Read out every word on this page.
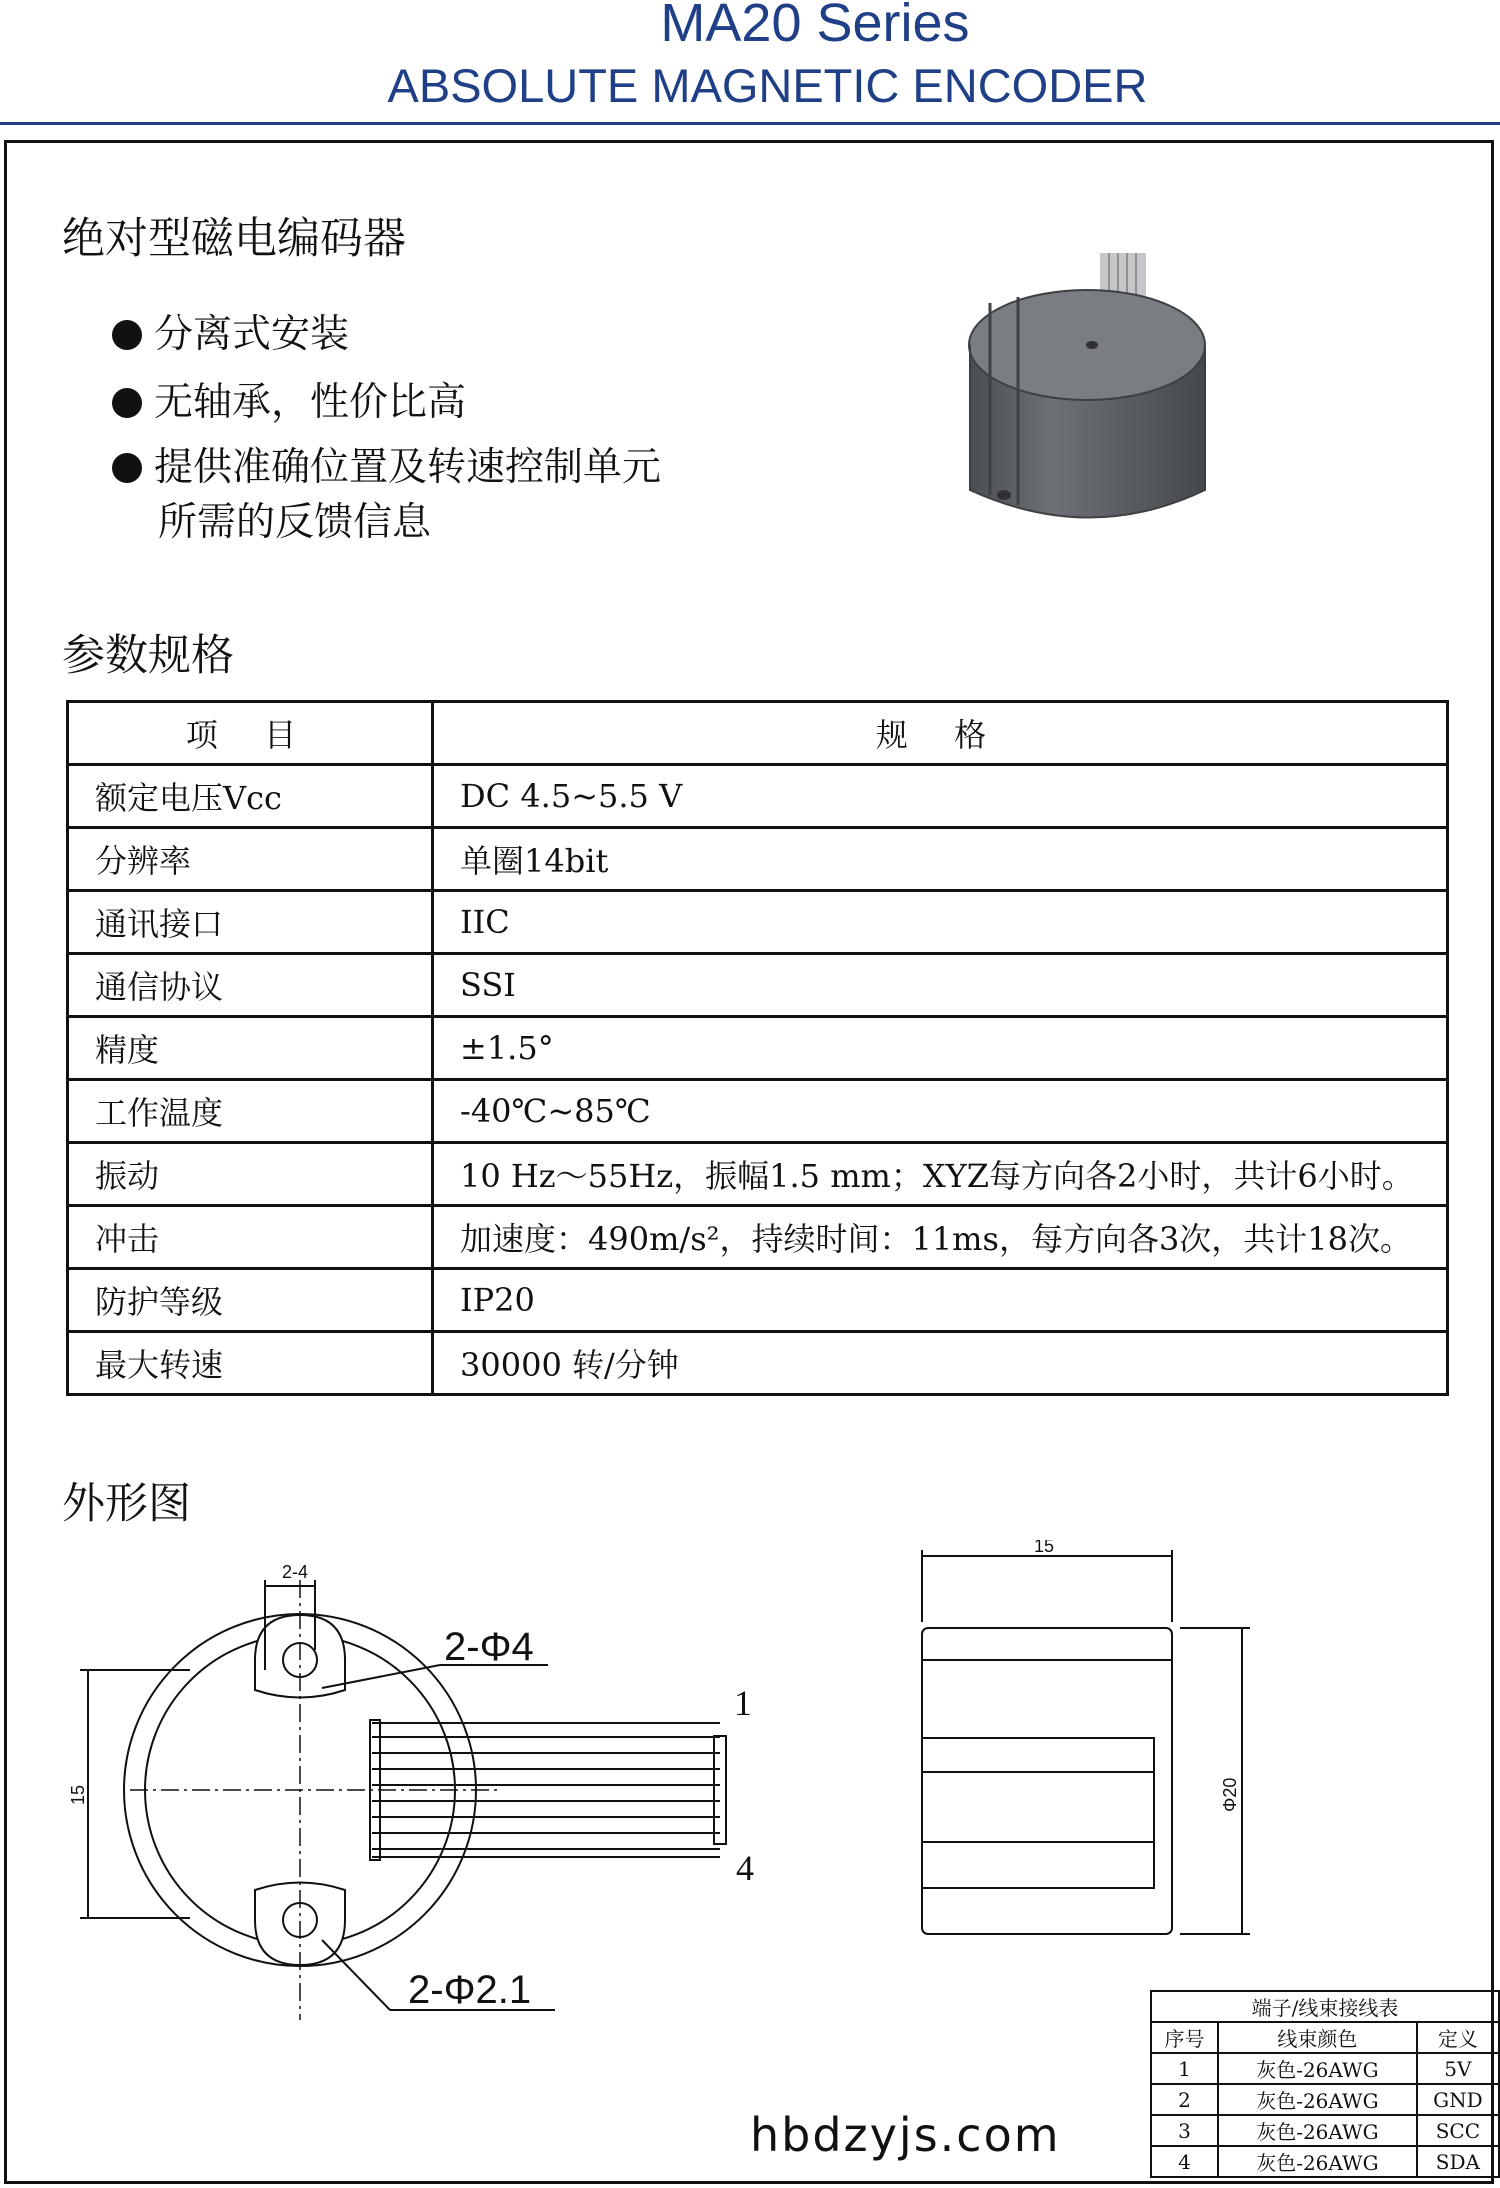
MA20 Series
ABSOLUTE MAGNETIC ENCODER
绝对型磁电编码器
参数规格
外形图
分离式安装
无轴承，性价比高
提供准确位置及转速控制单元
所需的反馈信息
项 目	规 格
额定电压Vcc	DC 4.5~5.5 V
分辨率	单圈14bit
通讯接口	IIC
通信协议	SSI
精度	±1.5°
工作温度	-40℃~85℃
振动	10 Hz～55Hz，振幅1.5 mm；XYZ每方向各2小时，共计6小时。
冲击	加速度：490m/s²，持续时间：11ms，每方向各3次，共计18次。
防护等级	IP20
最大转速	30000 转/分钟
2-4
2-Φ4
2-Φ2.1
15
1
4
15
Φ20
端子/线束接线表		
序号	线束颜色	定义
1	灰色-26AWG	5V
2	灰色-26AWG	GND
3	灰色-26AWG	SCC
4	灰色-26AWG	SDA
hbdzyjs.com
